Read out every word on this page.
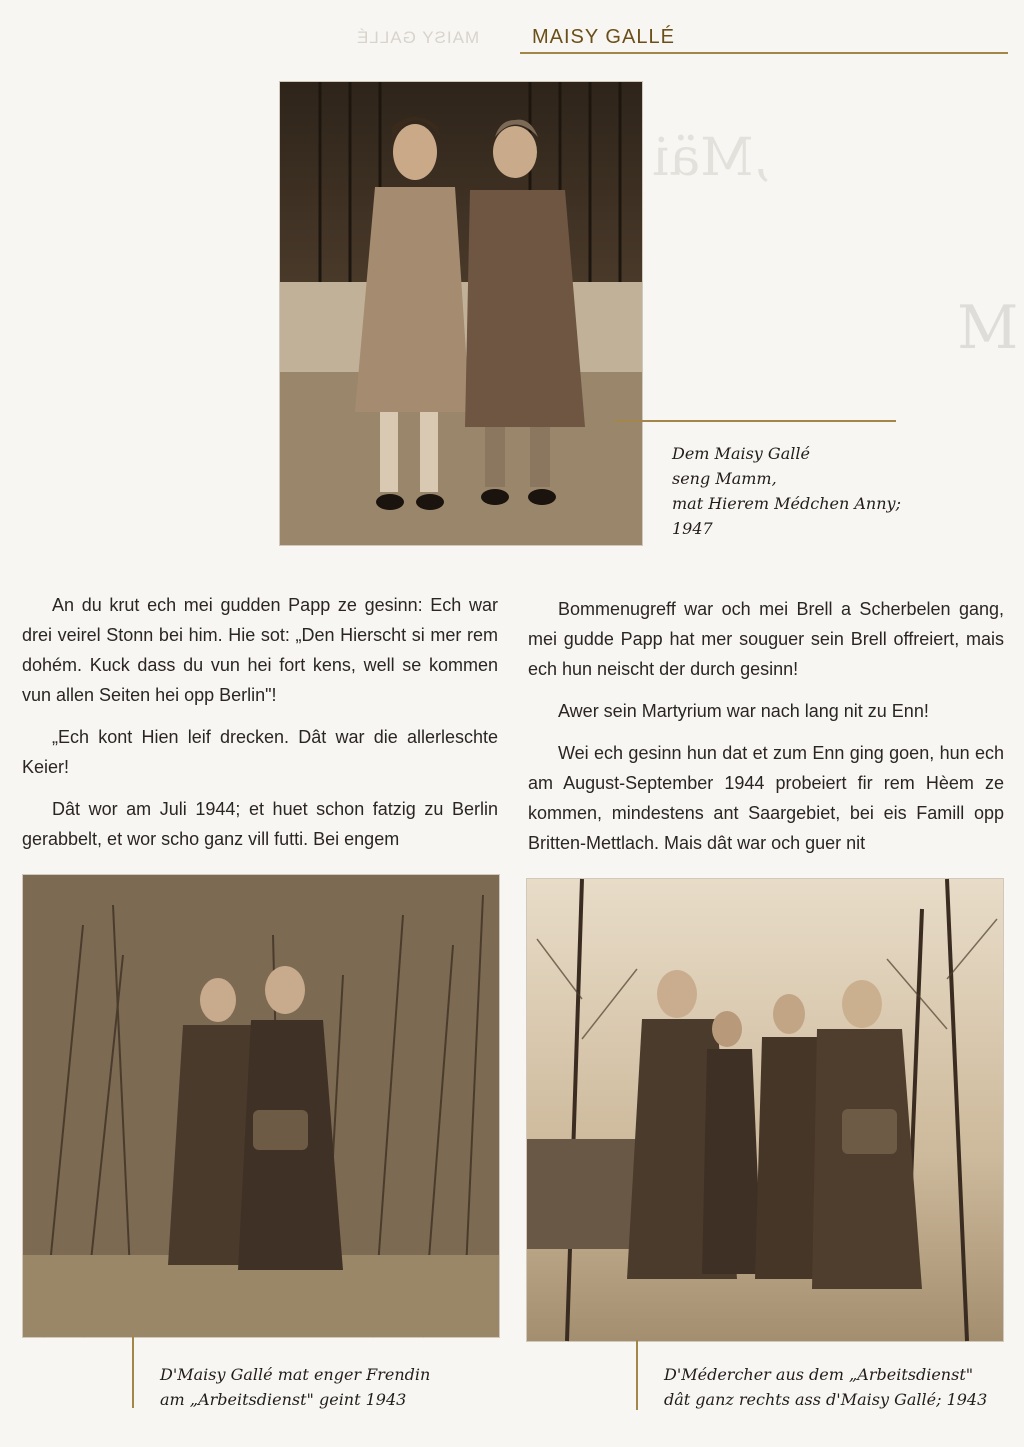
MAISY GALLÉ	MAISY GALLÉ
‚Mäi
M
Dem Maisy Gallé
seng Mamm,
mat Hierem Médchen Anny;
1947

An du krut ech mei gudden Papp ze gesinn: Ech war drei veirel Stonn bei him. Hie sot: „Den Hierscht si mer rem dohém. Kuck dass du vun hei fort kens, well se kommen vun allen Seiten hei opp Berlin"!

„Ech kont Hien leif drecken. Dât war die allerleschte Keier!

Dât wor am Juli 1944; et huet schon fatzig zu Berlin gerabbelt, et wor scho ganz vill futti. Bei engem

Bommenugreff war och mei Brell a Scherbelen gang, mei gudde Papp hat mer souguer sein Brell offreiert, mais ech hun neischt der durch gesinn!

Awer sein Martyrium war nach lang nit zu Enn!

Wei ech gesinn hun dat et zum Enn ging goen, hun ech am August-September 1944 probeiert fir rem Hèem ze kommen, mindestens ant Saargebiet, bei eis Famill opp Britten-Mettlach. Mais dât war och guer nit

D'Maisy Gallé mat enger Frendin
am „Arbeitsdienst" geint 1943
D'Médercher aus dem „Arbeitsdienst"
dât ganz rechts ass d'Maisy Gallé; 1943
